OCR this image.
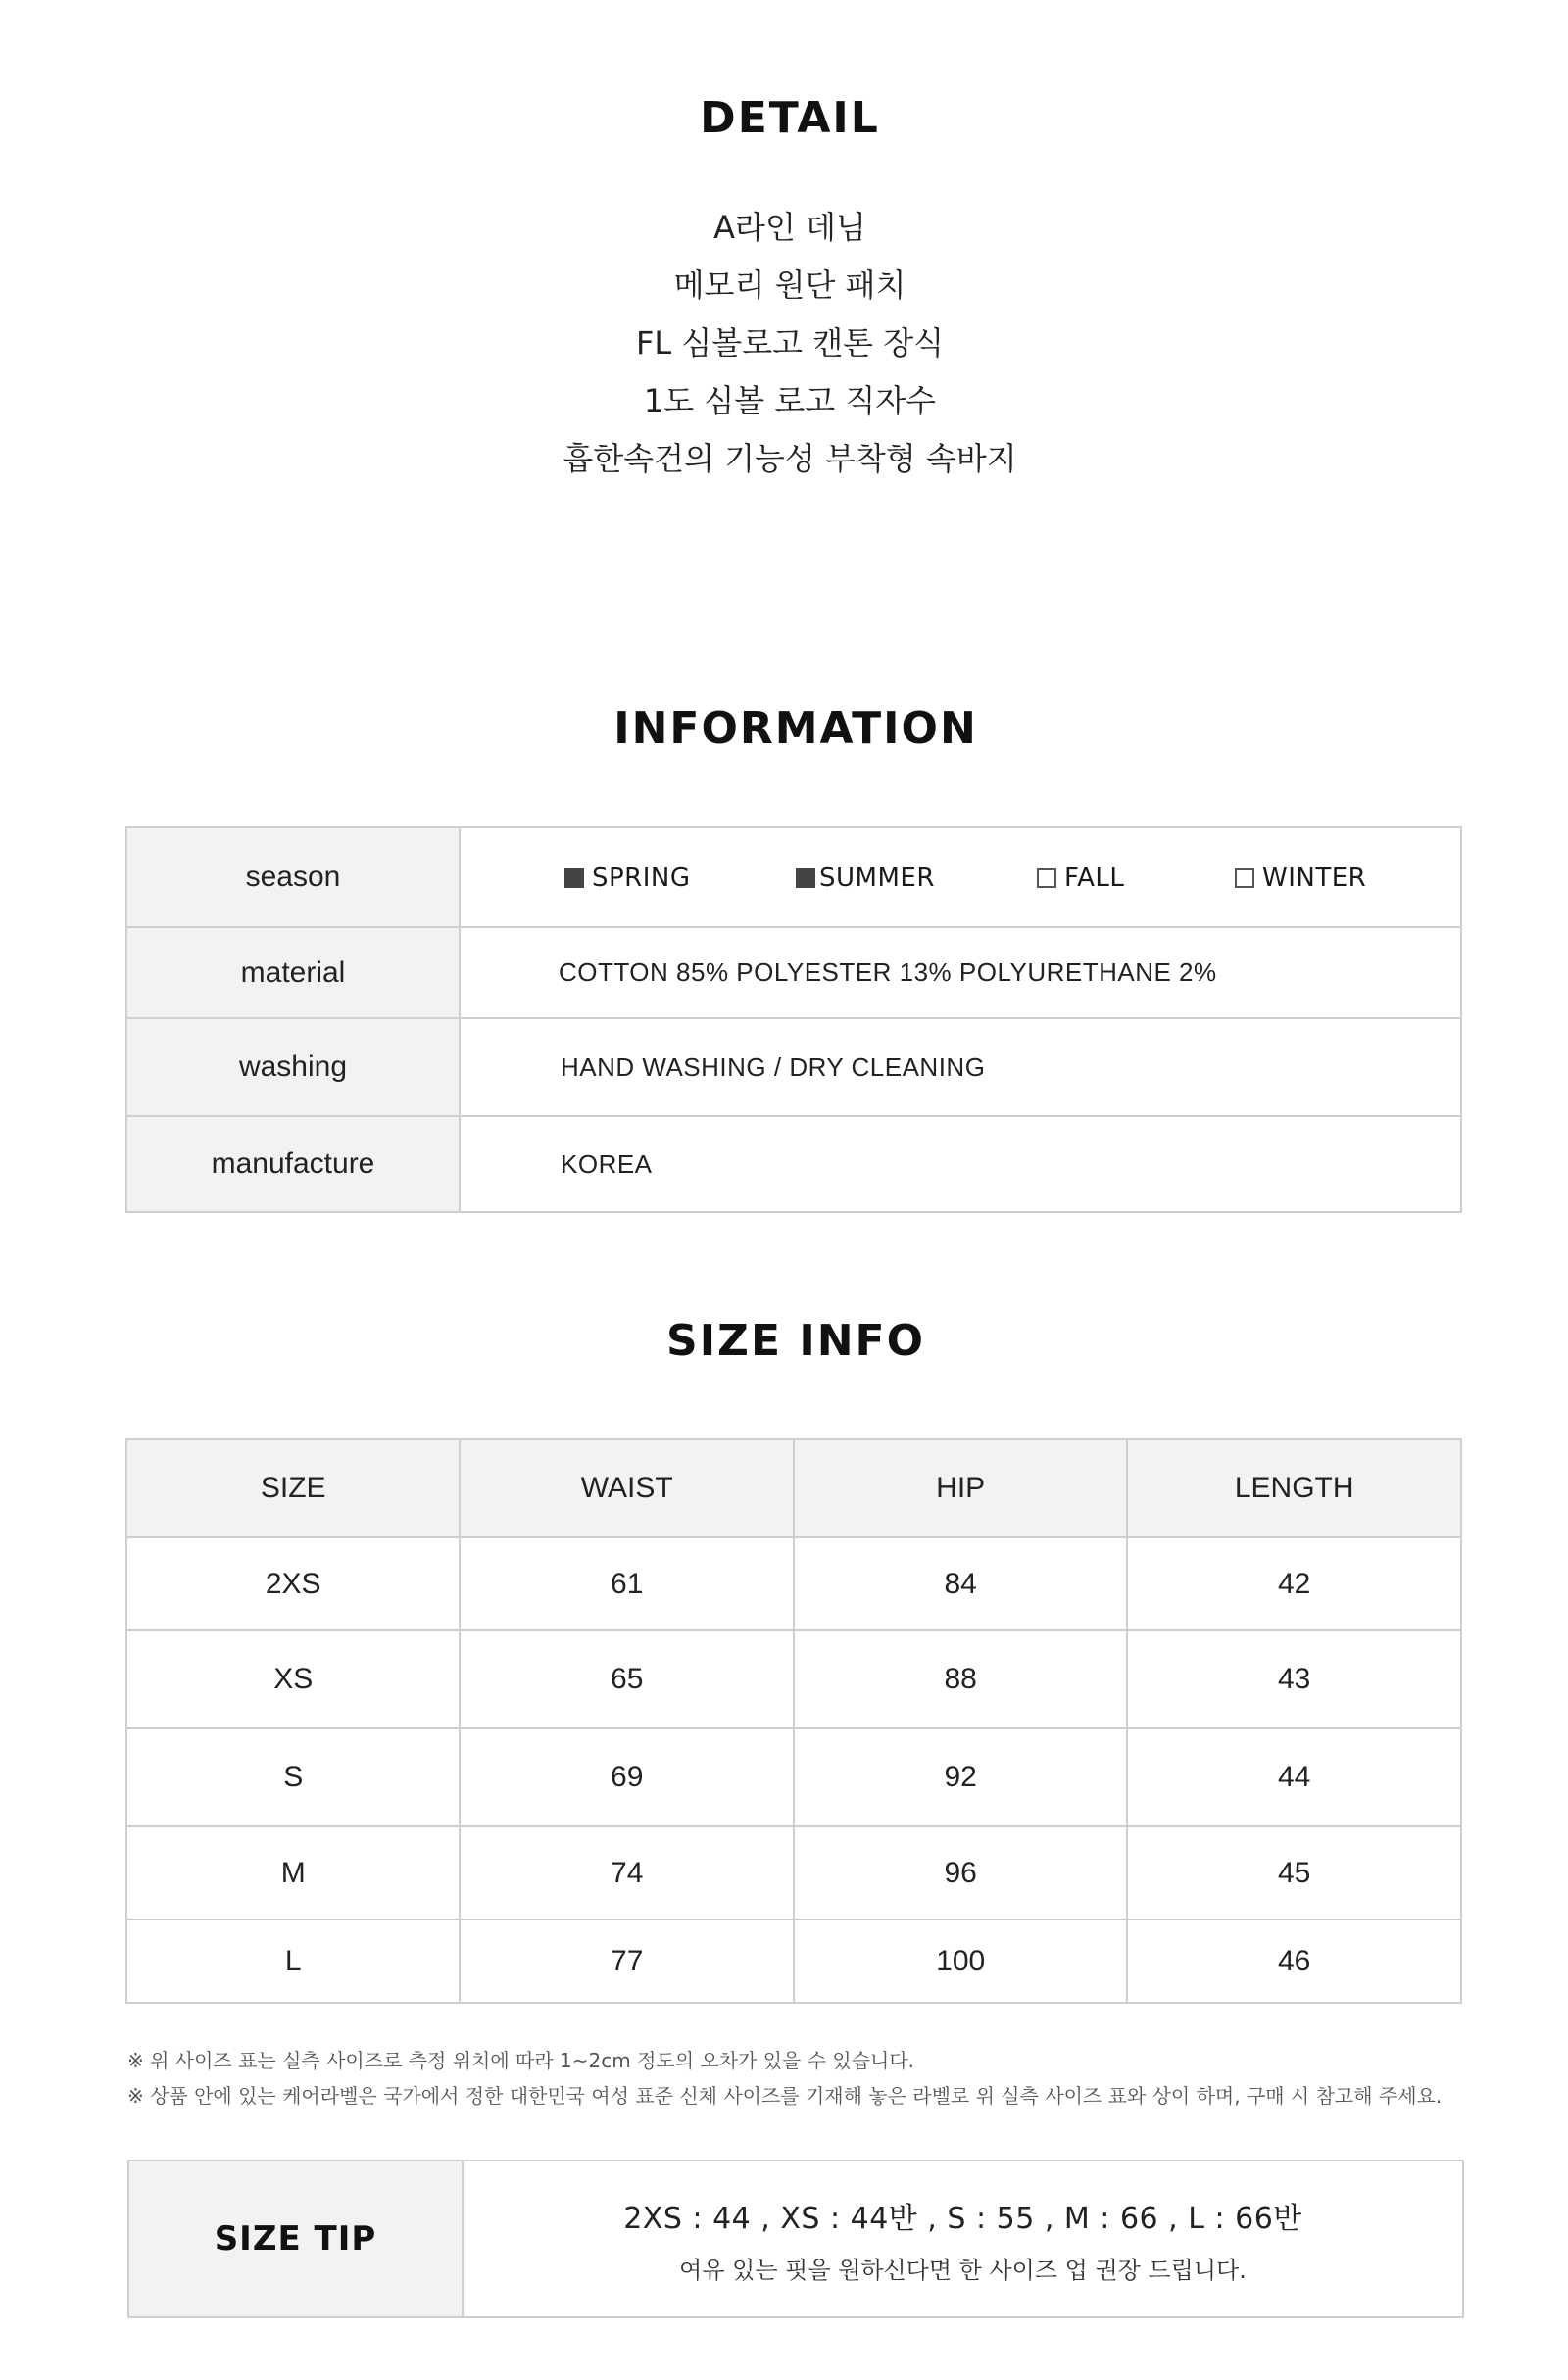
DETAIL
A라인 데님
메모리 원단 패치
FL 심볼로고 캔톤 장식
1도 심볼 로고 직자수
흡한속건의 기능성 부착형 속바지
INFORMATION
season	SPRING SUMMER FALL WINTER

material	COTTON 85% POLYESTER 13% POLYURETHANE 2%
washing	HAND WASHING / DRY CLEANING
manufacture	KOREA
SIZE INFO
SIZE	WAIST	HIP	LENGTH
2XS	61	84	42
XS	65	88	43
S	69	92	44
M	74	96	45
L	77	100	46
※ 위 사이즈 표는 실측 사이즈로 측정 위치에 따라 1~2cm 정도의 오차가 있을 수 있습니다.
※ 상품 안에 있는 케어라벨은 국가에서 정한 대한민국 여성 표준 신체 사이즈를 기재해 놓은 라벨로 위 실측 사이즈 표와 상이 하며, 구매 시 참고해 주세요.
SIZE TIP	
2XS : 44 , XS : 44반 , S : 55 , M : 66 , L : 66반
여유 있는 핏을 원하신다면 한 사이즈 업 권장 드립니다.
